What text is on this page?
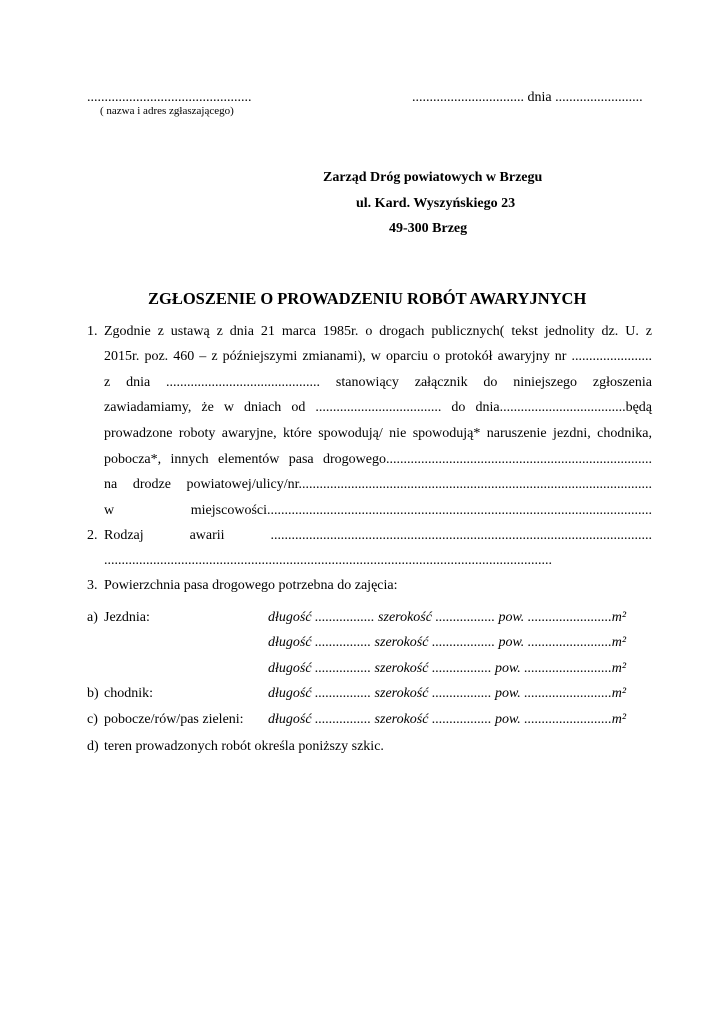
...............................................
( nazwa i adres zgłaszającego)
................................ dnia .........................
Zarząd Dróg powiatowych w Brzegu
ul. Kard. Wyszyńskiego 23
49-300 Brzeg
ZGŁOSZENIE O PROWADZENIU ROBÓT AWARYJNYCH
1. Zgodnie z ustawą z dnia 21 marca 1985r. o drogach publicznych( tekst jednolity dz. U. z
2015r. poz. 460 – z późniejszymi zmianami), w oparciu o protokół awaryjny nr .......................
z dnia ............................................ stanowiący załącznik do niniejszego zgłoszenia
zawiadamiamy, że w dniach od .................................... do dnia....................................będą
prowadzone roboty awaryjne, które spowodują/ nie spowodują* naruszenie jezdni, chodnika,
pobocza*, innych elementów pasa drogowego............................................................................
na drodze powiatowej/ulicy/nr.....................................................................................................
w miejscowości..............................................................................................................
2. Rodzaj awarii .............................................................................................................
................................................................................................................................
3. Powierzchnia pasa drogowego potrzebna do zajęcia:
a) Jezdnia:	długość ................. szerokość ................. pow. ........................m²
długość ................ szerokość .................. pow. ........................m²
długość ................ szerokość ................. pow. .........................m²
b) chodnik:	długość ................ szerokość ................. pow. .........................m²
c) pobocze/rów/pas zieleni: długość ................ szerokość ................. pow. .........................m²
d) teren prowadzonych robót określa poniższy szkic.
